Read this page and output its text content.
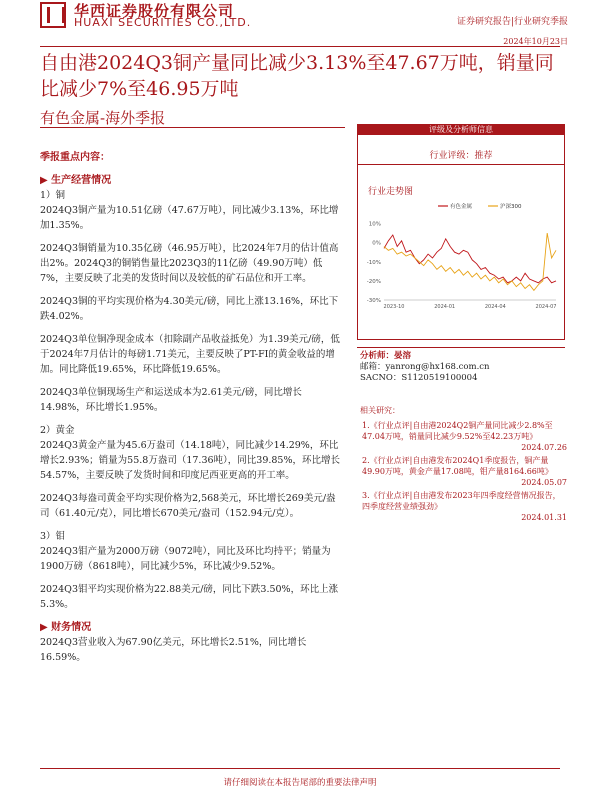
华西证券股份有限公司
HUAXI SECURITIES CO.,LTD.	证券研究报告|行业研究季报
2024年10月23日
自由港2024Q3铜产量同比减少3.13%至47.67万吨，销量同比减少7%至46.95万吨
有色金属-海外季报
季报重点内容：
▶ 生产经营情况
1）铜

2024Q3铜产量为10.51亿磅（47.67万吨），同比减少3.13%，环比增加1.35%。

2024Q3铜销量为10.35亿磅（46.95万吨），比2024年7月的估计值高出2%。2024Q3的铜销售量比2023Q3的11亿磅（49.90万吨）低7%，主要反映了北美的发货时间以及较低的矿石品位和开工率。

2024Q3铜的平均实现价格为4.30美元/磅，同比上涨13.16%，环比下跌4.02%。

2024Q3单位铜净现金成本（扣除副产品收益抵免）为1.39美元/磅，低于2024年7月估计的每磅1.71美元，主要反映了PT-FI的黄金收益的增加。同比降低19.65%，环比降低19.65%。

2024Q3单位铜现场生产和运送成本为2.61美元/磅，同比增长14.98%，环比增长1.95%。

2）黄金

2024Q3黄金产量为45.6万盎司（14.18吨），同比减少14.29%，环比增长2.93%；销量为55.8万盎司（17.36吨），同比39.85%，环比增长54.57%，主要反映了发货时间和印度尼西亚更高的开工率。

2024Q3每盎司黄金平均实现价格为2,568美元，环比增长269美元/盎司（61.40元/克），同比增长670美元/盎司（152.94元/克）。

3）钼

2024Q3钼产量为2000万磅（9072吨），同比及环比均持平；销量为1900万磅（8618吨），同比减少5%，环比减少9.52%。

2024Q3钼平均实现价格为22.88美元/磅，同比下跌3.50%，环比上涨5.3%。

▶ 财务情况

2024Q3营业收入为67.90亿美元，环比增长2.51%，同比增长16.59%。

评级及分析师信息
行业评级：推荐
行业走势图
10%
0%
-10%
-20%
-30%
2023-10	2024-01	2024-04	2024-07
有色金属	沪深300
分析师：晏溶
邮箱：yanrong@hx168.com.cn
SACNO：S1120519100004
相关研究：
1.《行业点评|自由港2024Q2铜产量同比减少2.8%至47.04万吨，销量同比减少9.52%至42.23万吨》
2024.07.26
2.《行业点评|自由港发布2024Q1季度报告，铜产量49.90万吨，黄金产量17.08吨，钼产量8164.66吨》
2024.05.07
3.《行业点评|自由港发布2023年四季度经营情况报告，四季度经营业绩强劲》
2024.01.31
请仔细阅读在本报告尾部的重要法律声明
